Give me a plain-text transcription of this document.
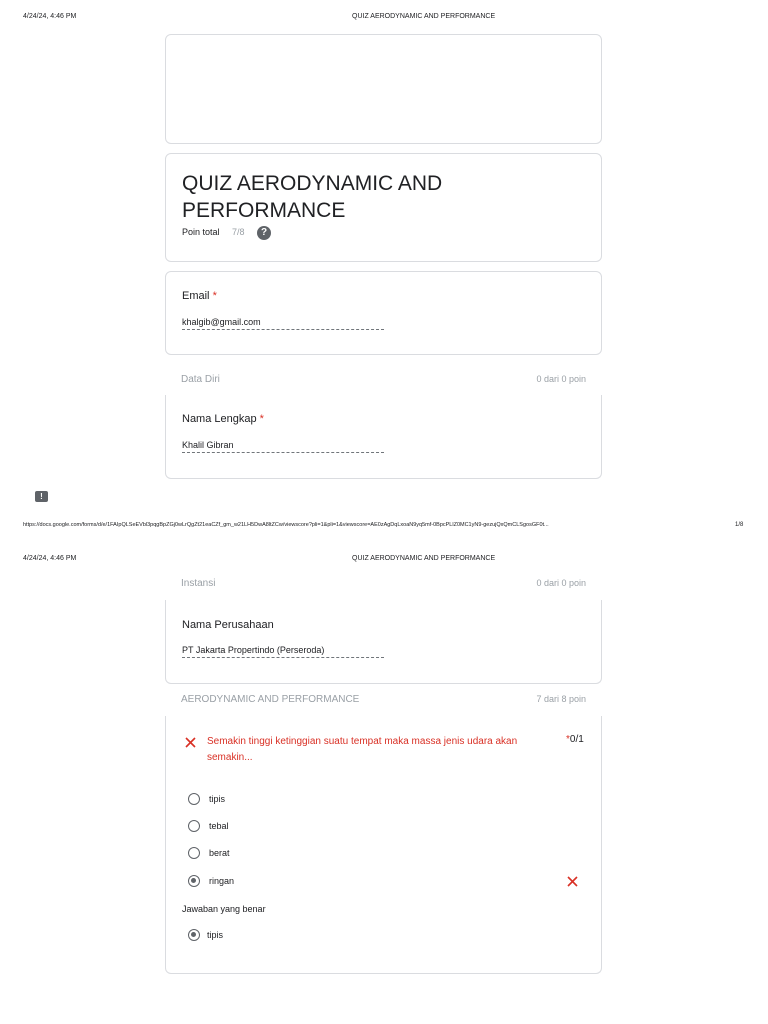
4/24/24, 4:46 PM	QUIZ AERODYNAMIC AND PERFORMANCE
QUIZ AERODYNAMIC AND PERFORMANCE
Poin total 7/8	?
Email *
khalgib@gmail.com
Data Diri	0 dari 0 poin
Nama Lengkap *
Khalil Gibran
!
https://docs.google.com/forms/d/e/1FAIpQLSeEVbl3pqgBpZGj0wLrQgZt21eaCZf_gm_w21LH5DwA8ltZCw/viewscore?pli=1&pli=1&viewscore=AE0zAgDqLxoaN9yq5mf-0BpcPLlZ0MC1yN9-gezujQxQmCLSgosGF0t...	1/8
4/24/24, 4:46 PM	QUIZ AERODYNAMIC AND PERFORMANCE
Instansi	0 dari 0 poin
Nama Perusahaan
PT Jakarta Propertindo (Perseroda)
AERODYNAMIC AND PERFORMANCE	7 dari 8 poin
Semakin tinggi ketinggian suatu tempat maka massa jenis udara akan semakin...
*0/1
tipis
tebal
berat
ringan
Jawaban yang benar
tipis
